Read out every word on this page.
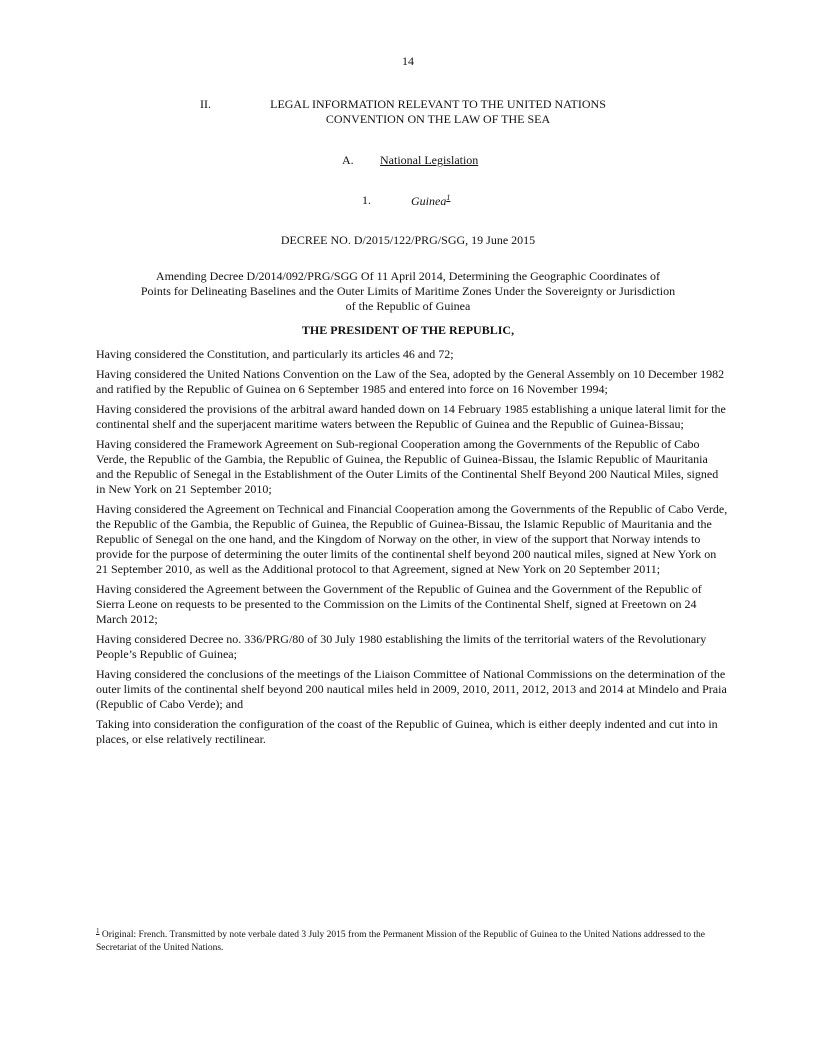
14
II.	LEGAL INFORMATION RELEVANT TO THE UNITED NATIONS CONVENTION ON THE LAW OF THE SEA
A. National Legislation
1.	Guinea$^1$
DECREE NO. D/2015/122/PRG/SGG, 19 June 2015
Amending Decree D/2014/092/PRG/SGG Of 11 April 2014, Determining the Geographic Coordinates of Points for Delineating Baselines and the Outer Limits of Maritime Zones Under the Sovereignty or Jurisdiction of the Republic of Guinea
THE PRESIDENT OF THE REPUBLIC,

Having considered the Constitution, and particularly its articles 46 and 72;

Having considered the United Nations Convention on the Law of the Sea, adopted by the General Assembly on 10 December 1982 and ratified by the Republic of Guinea on 6 September 1985 and entered into force on 16 November 1994;

Having considered the provisions of the arbitral award handed down on 14 February 1985 establishing a unique lateral limit for the continental shelf and the superjacent maritime waters between the Republic of Guinea and the Republic of Guinea-Bissau;

Having considered the Framework Agreement on Sub-regional Cooperation among the Governments of the Republic of Cabo Verde, the Republic of the Gambia, the Republic of Guinea, the Republic of Guinea-Bissau, the Islamic Republic of Mauritania and the Republic of Senegal in the Establishment of the Outer Limits of the Continental Shelf Beyond 200 Nautical Miles, signed in New York on 21 September 2010;

Having considered the Agreement on Technical and Financial Cooperation among the Governments of the Republic of Cabo Verde, the Republic of the Gambia, the Republic of Guinea, the Republic of Guinea-Bissau, the Islamic Republic of Mauritania and the Republic of Senegal on the one hand, and the Kingdom of Norway on the other, in view of the support that Norway intends to provide for the purpose of determining the outer limits of the continental shelf beyond 200 nautical miles, signed at New York on 21 September 2010, as well as the Additional protocol to that Agreement, signed at New York on 20 September 2011;

Having considered the Agreement between the Government of the Republic of Guinea and the Government of the Republic of Sierra Leone on requests to be presented to the Commission on the Limits of the Continental Shelf, signed at Freetown on 24 March 2012;

Having considered Decree no. 336/PRG/80 of 30 July 1980 establishing the limits of the territorial waters of the Revolutionary People’s Republic of Guinea;

Having considered the conclusions of the meetings of the Liaison Committee of National Commissions on the determination of the outer limits of the continental shelf beyond 200 nautical miles held in 2009, 2010, 2011, 2012, 2013 and 2014 at Mindelo and Praia (Republic of Cabo Verde); and

Taking into consideration the configuration of the coast of the Republic of Guinea, which is either deeply indented and cut into in places, or else relatively rectilinear.

$^1$ Original: French. Transmitted by note verbale dated 3 July 2015 from the Permanent Mission of the Republic of Guinea to the United Nations addressed to the Secretariat of the United Nations.
